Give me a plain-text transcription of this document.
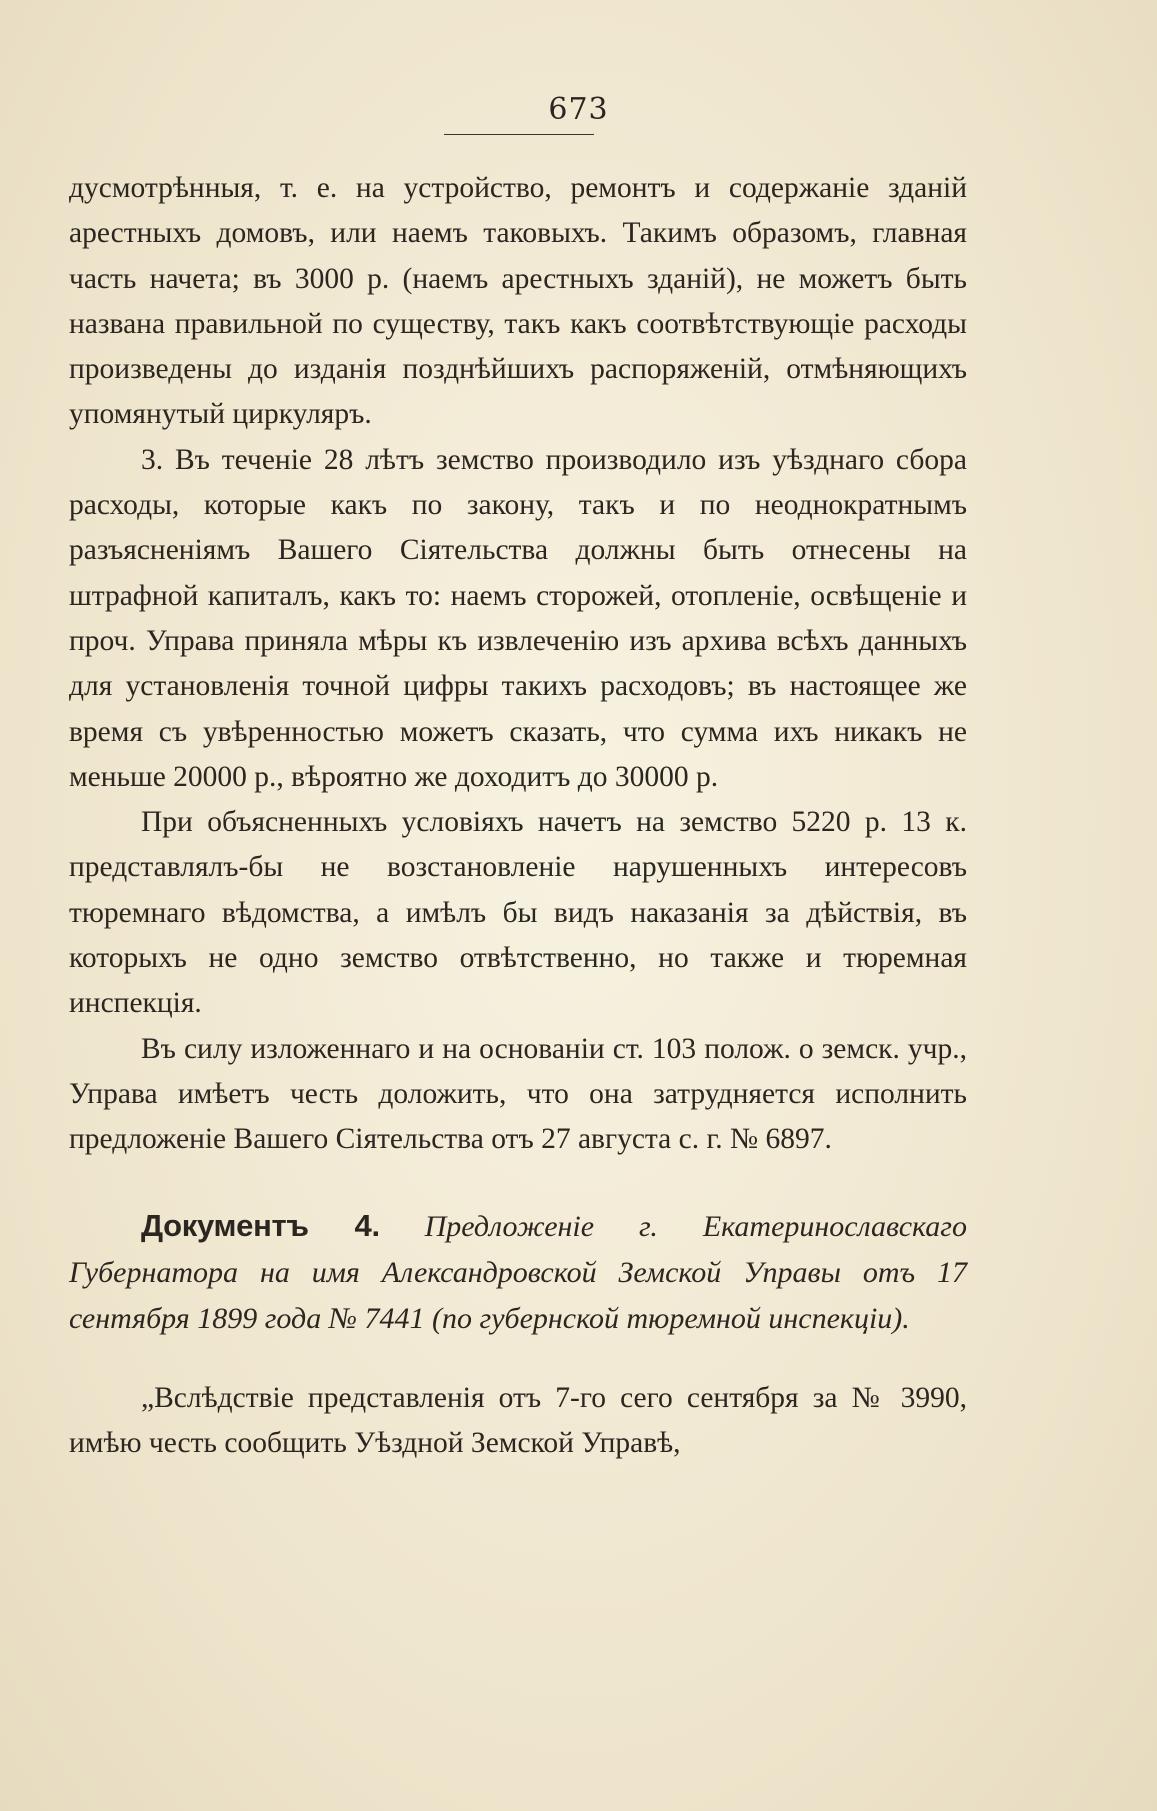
673

дусмотрѣнныя, т. е. на устройство, ремонтъ и содержаніе зданій арестныхъ домовъ, или наемъ таковыхъ. Такимъ образомъ, главная часть начета; въ 3000 р. (наемъ арестныхъ зданій), не можетъ быть названа правильной по существу, такъ какъ соотвѣтствующіе расходы произведены до изданія позднѣйшихъ распоряженій, отмѣняющихъ упомянутый циркуляръ.

3. Въ теченіе 28 лѣтъ земство производило изъ уѣзднаго сбора расходы, которые какъ по закону, такъ и по неоднократнымъ разъясненіямъ Вашего Сіятельства должны быть отнесены на штрафной капиталъ, какъ то: наемъ сторожей, отопленіе, освѣщеніе и проч. Управа приняла мѣры къ извлеченію изъ архива всѣхъ данныхъ для установленія точной цифры такихъ расходовъ; въ настоящее же время съ увѣренностью можетъ сказать, что сумма ихъ никакъ не меньше 20000 р., вѣроятно же доходитъ до 30000 р.

При объясненныхъ условіяхъ начетъ на земство 5220 р. 13 к. представлялъ-бы не возстановленіе нарушенныхъ интересовъ тюремнаго вѣдомства, а имѣлъ бы видъ наказанія за дѣйствія, въ которыхъ не одно земство отвѣтственно, но также и тюремная инспекція.

Въ силу изложеннаго и на основаніи ст. 103 полож. о земск. учр., Управа имѣетъ честь доложить, что она затрудняется исполнить предложеніе Вашего Сіятельства отъ 27 августа с. г. № 6897.

Документъ 4. Предложеніе г. Екатеринославскаго Губернатора на имя Александровской Земской Управы отъ 17 сентября 1899 года № 7441 (по губернской тюремной инспекціи).

„Вслѣдствіе представленія отъ 7-го сего сентября за № 3990, имѣю честь сообщить Уѣздной Земской Управѣ,
